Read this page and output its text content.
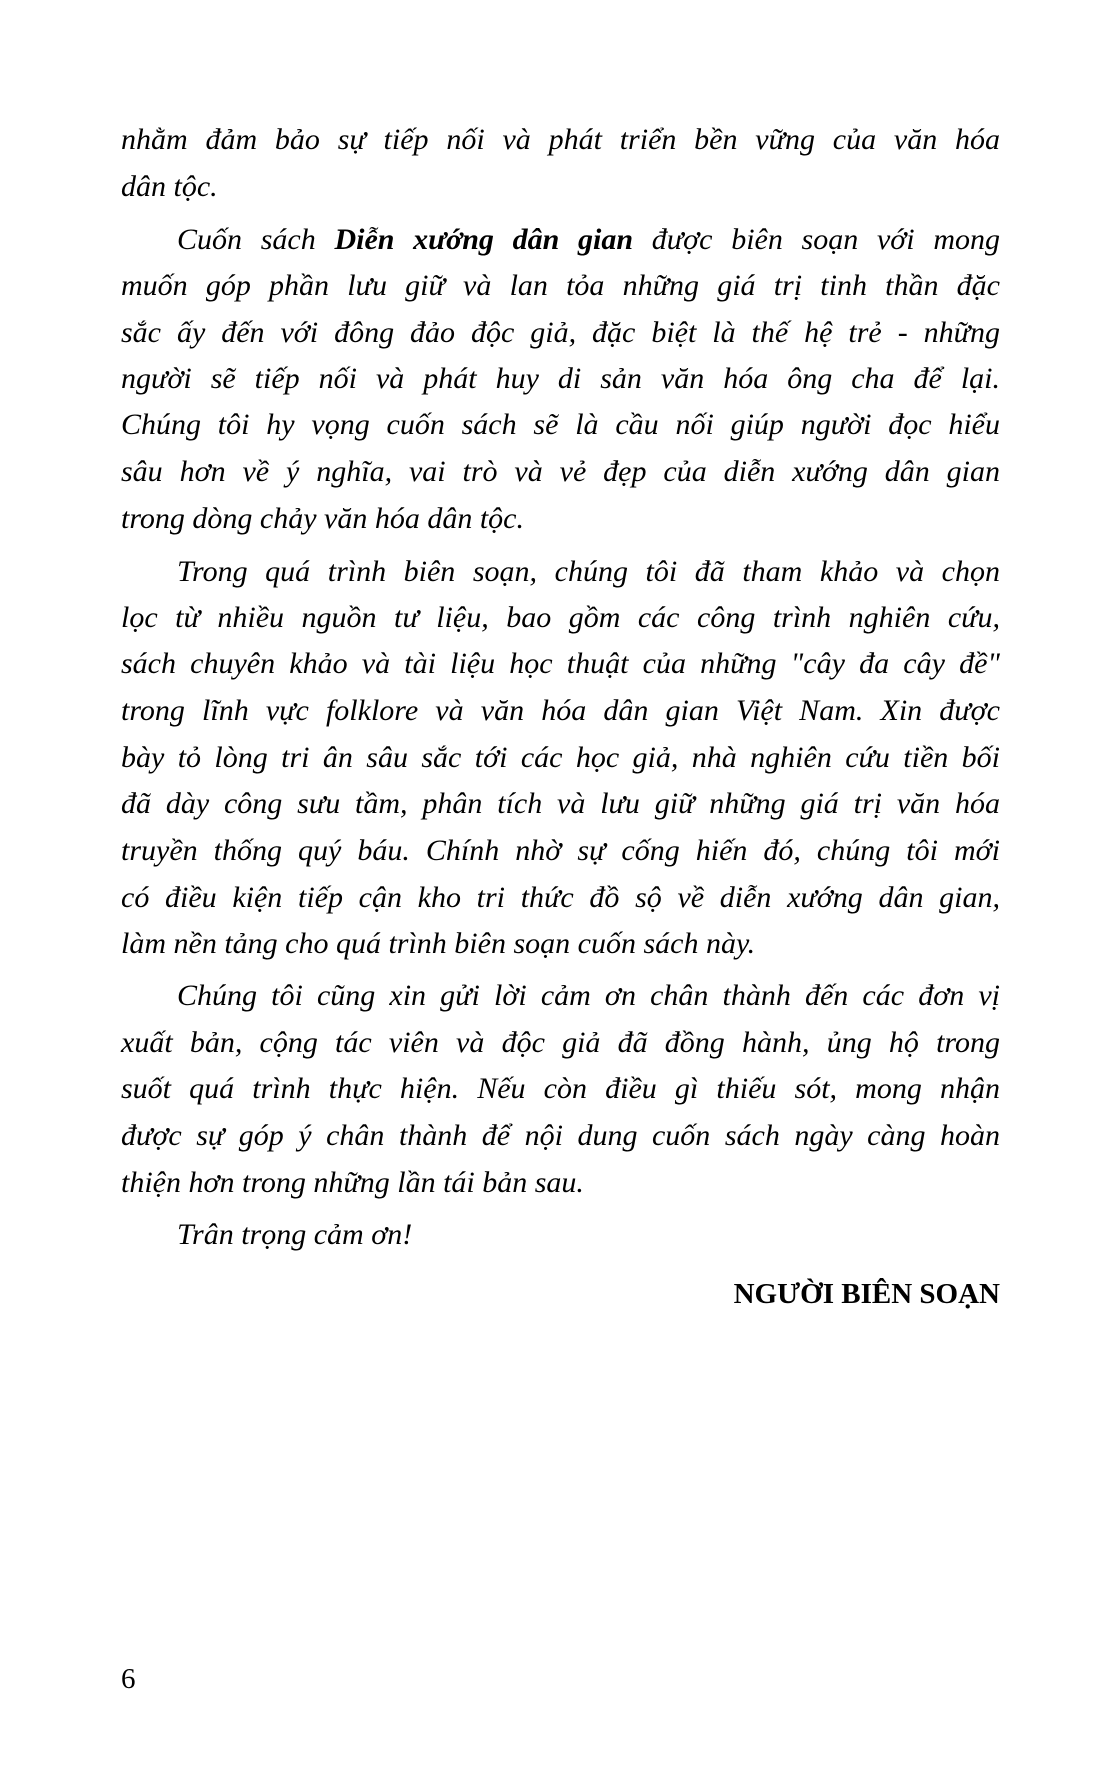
nhằm đảm bảo sự tiếp nối và phát triển bền vững của văn hóa
dân tộc.
Cuốn sách Diễn xướng dân gian được biên soạn với mong
muốn góp phần lưu giữ và lan tỏa những giá trị tinh thần đặc
sắc ấy đến với đông đảo độc giả, đặc biệt là thế hệ trẻ - những
người sẽ tiếp nối và phát huy di sản văn hóa ông cha để lại.
Chúng tôi hy vọng cuốn sách sẽ là cầu nối giúp người đọc hiểu
sâu hơn về ý nghĩa, vai trò và vẻ đẹp của diễn xướng dân gian
trong dòng chảy văn hóa dân tộc.
Trong quá trình biên soạn, chúng tôi đã tham khảo và chọn
lọc từ nhiều nguồn tư liệu, bao gồm các công trình nghiên cứu,
sách chuyên khảo và tài liệu học thuật của những "cây đa cây đề"
trong lĩnh vực folklore và văn hóa dân gian Việt Nam. Xin được
bày tỏ lòng tri ân sâu sắc tới các học giả, nhà nghiên cứu tiền bối
đã dày công sưu tầm, phân tích và lưu giữ những giá trị văn hóa
truyền thống quý báu. Chính nhờ sự cống hiến đó, chúng tôi mới
có điều kiện tiếp cận kho tri thức đồ sộ về diễn xướng dân gian,
làm nền tảng cho quá trình biên soạn cuốn sách này.
Chúng tôi cũng xin gửi lời cảm ơn chân thành đến các đơn vị
xuất bản, cộng tác viên và độc giả đã đồng hành, ủng hộ trong
suốt quá trình thực hiện. Nếu còn điều gì thiếu sót, mong nhận
được sự góp ý chân thành để nội dung cuốn sách ngày càng hoàn
thiện hơn trong những lần tái bản sau.
Trân trọng cảm ơn!
NGƯỜI BIÊN SOẠN
6
